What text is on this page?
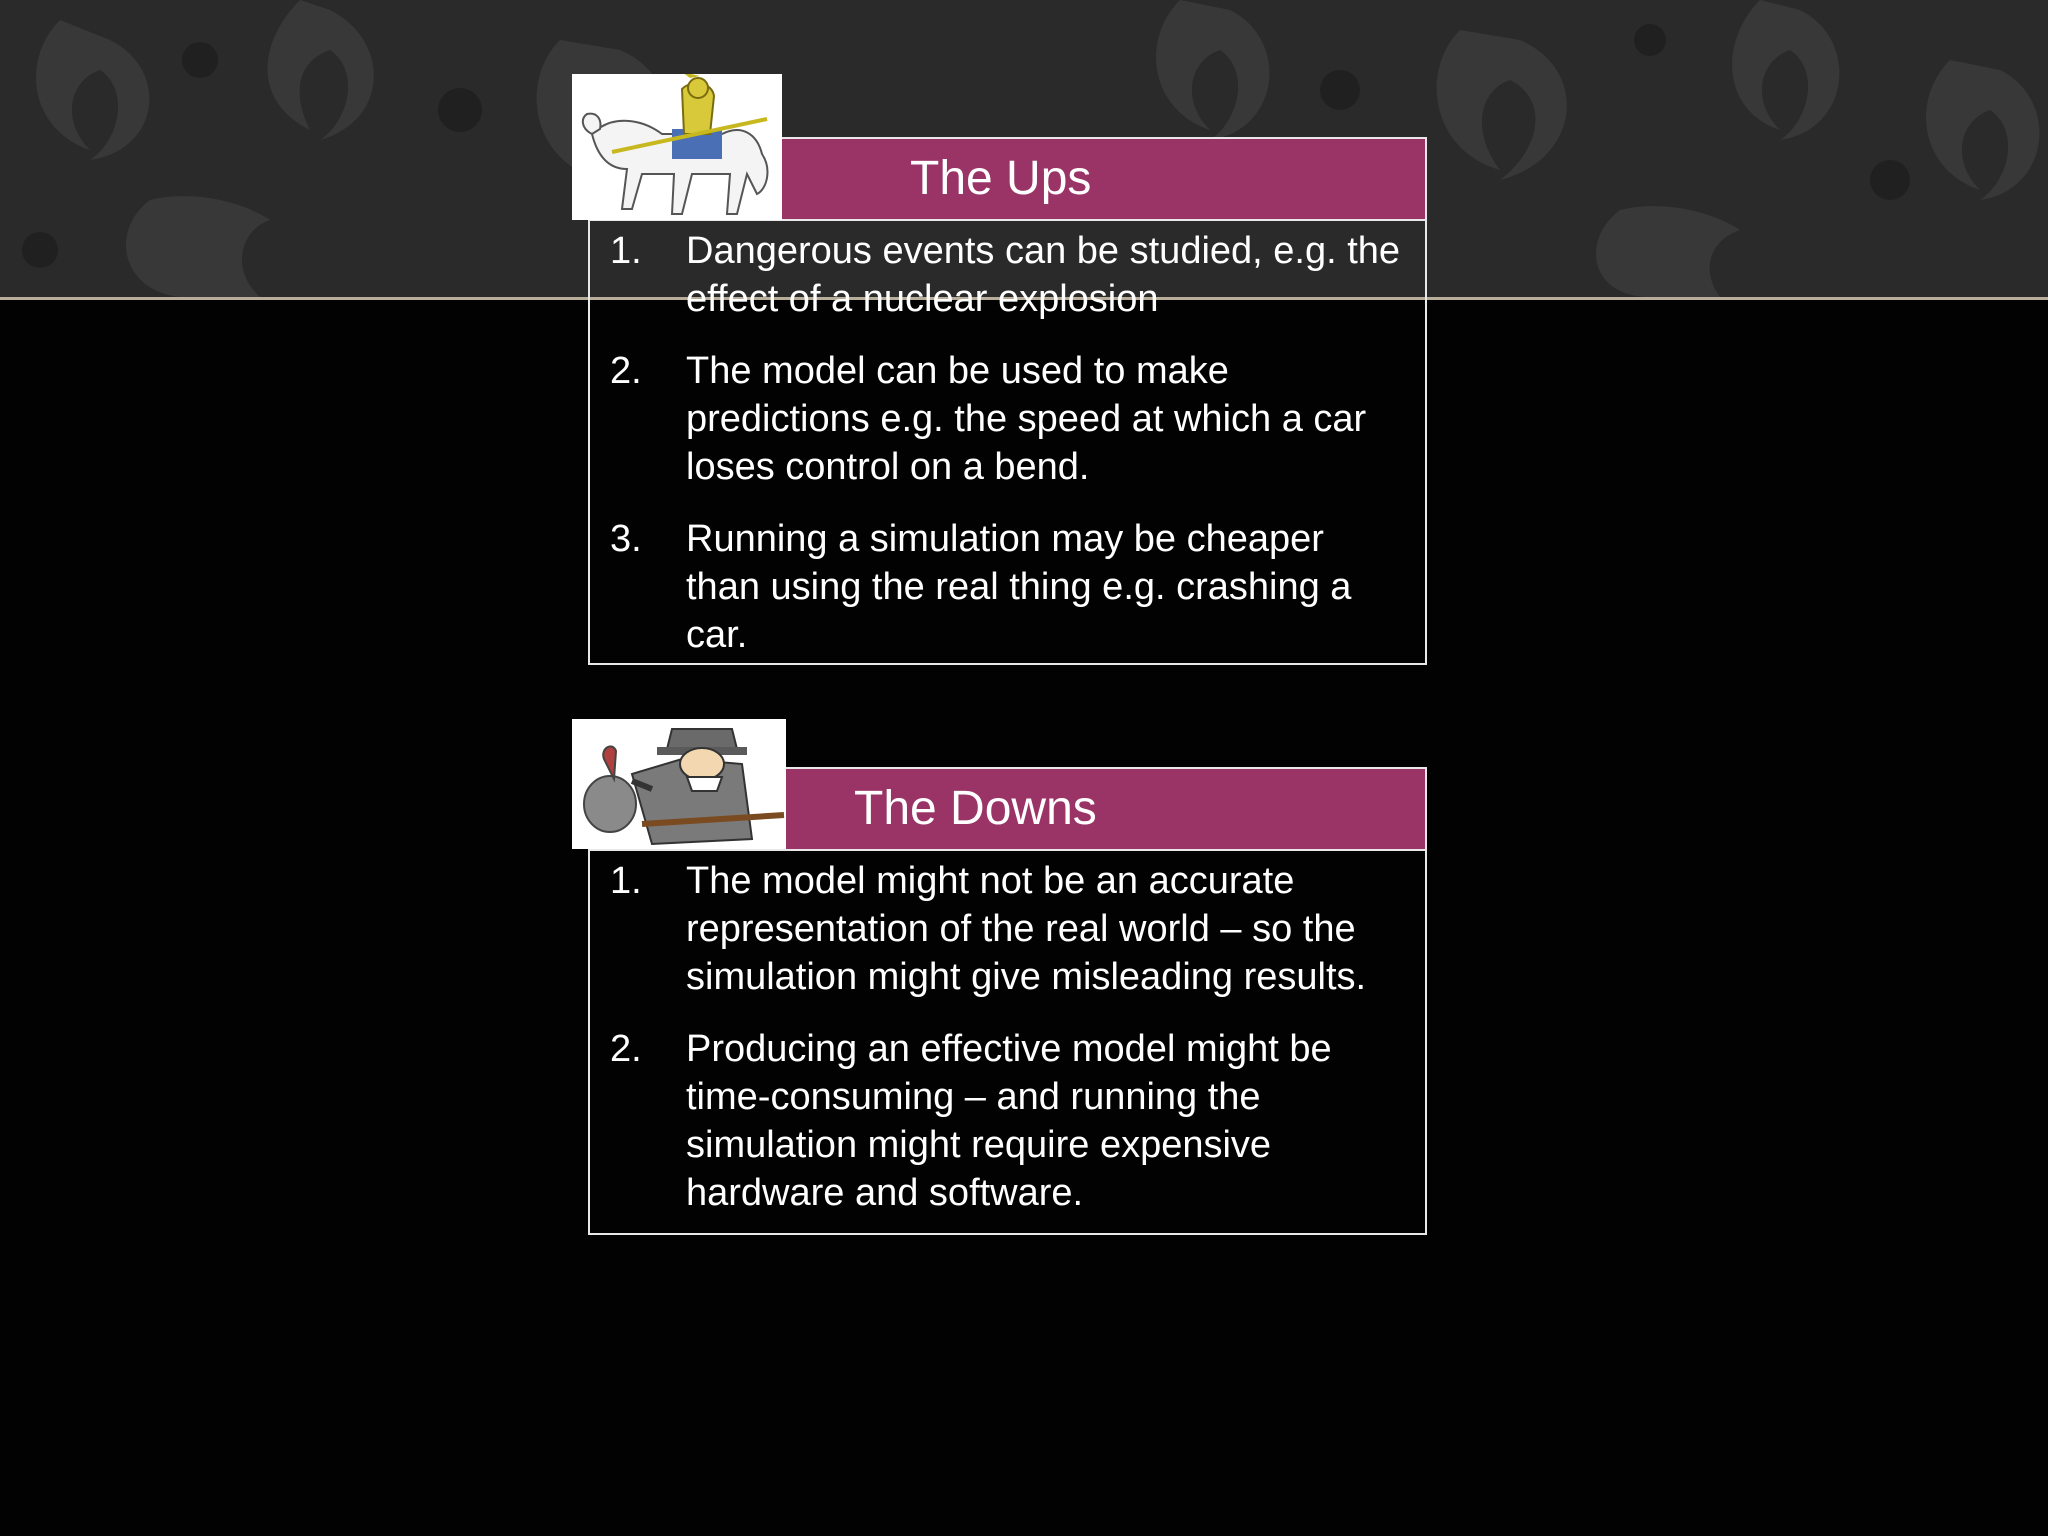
The Ups
1. Dangerous events can be studied, e.g. the effect of a nuclear explosion
2. The model can be used to make predictions e.g. the speed at which a car loses control on a bend.
3. Running a simulation may be cheaper than using the real thing e.g. crashing a car.
The Downs
1. The model might not be an accurate representation of the real world – so the simulation might give misleading results.
2. Producing an effective model might be time-consuming – and running the simulation might require expensive hardware and software.
